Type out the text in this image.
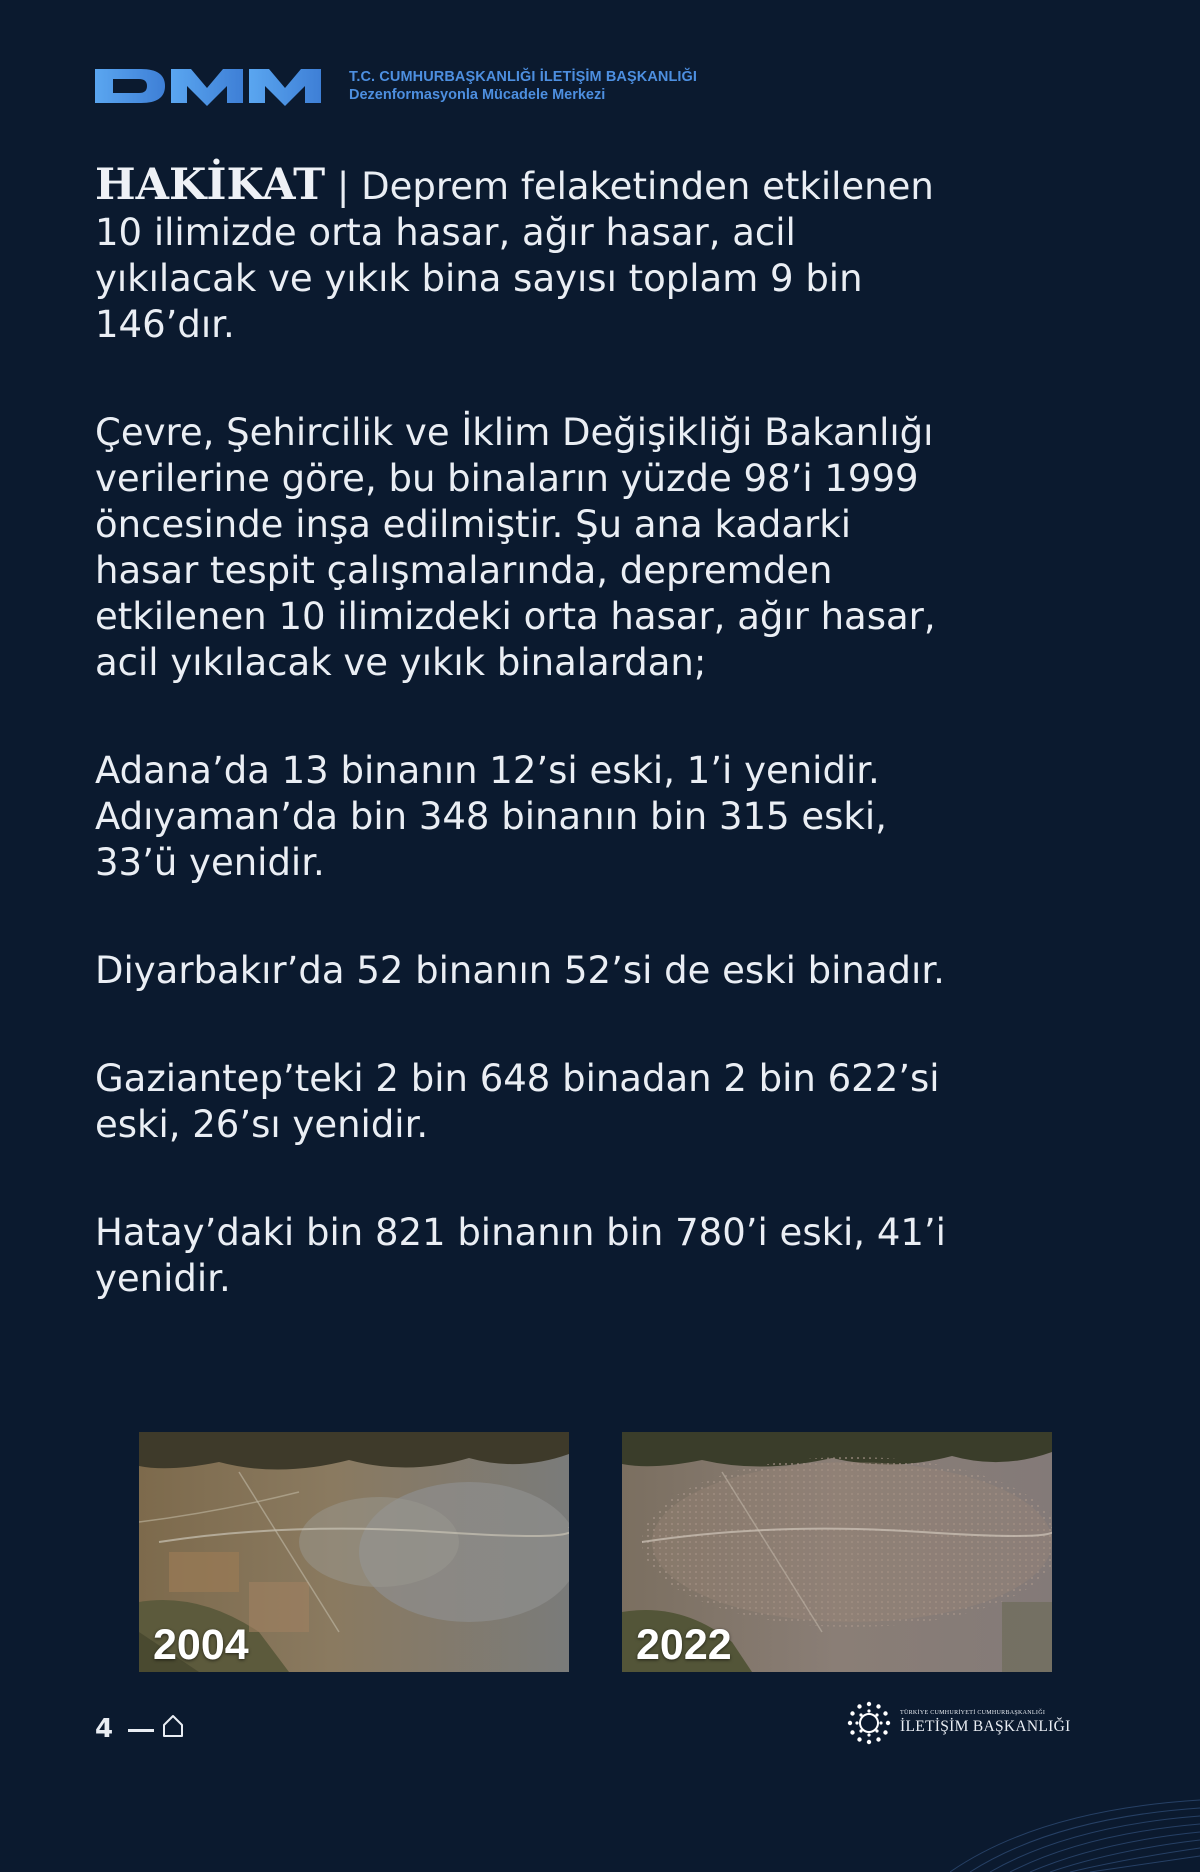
T.C. CUMHURBAŞKANLIĞI İLETİŞİM BAŞKANLIĞI
Dezenformasyonla Mücadele Merkezi

HAKİKAT | Deprem felaketinden etkilenen 10 ilimizde orta hasar, ağır hasar, acil yıkılacak ve yıkık bina sayısı toplam 9 bin 146’dır.

Çevre, Şehircilik ve İklim Değişikliği Bakanlığı verilerine göre, bu binaların yüzde 98’i 1999 öncesinde inşa edilmiştir. Şu ana kadarki hasar tespit çalışmalarında, depremden etkilenen 10 ilimizdeki orta hasar, ağır hasar, acil yıkılacak ve yıkık binalardan;

Adana’da 13 binanın 12’si eski, 1’i yenidir. Adıyaman’da bin 348 binanın bin 315 eski, 33’ü yenidir.

Diyarbakır’da 52 binanın 52’si de eski binadır.

Gaziantep’teki 2 bin 648 binadan 2 bin 622’si eski, 26’sı yenidir.

Hatay’daki bin 821 binanın bin 780’i eski, 41’i yenidir.

2004	2022
4
TÜRKİYE CUMHURİYETİ CUMHURBAŞKANLIĞI
İLETİŞİM BAŞKANLIĞI
